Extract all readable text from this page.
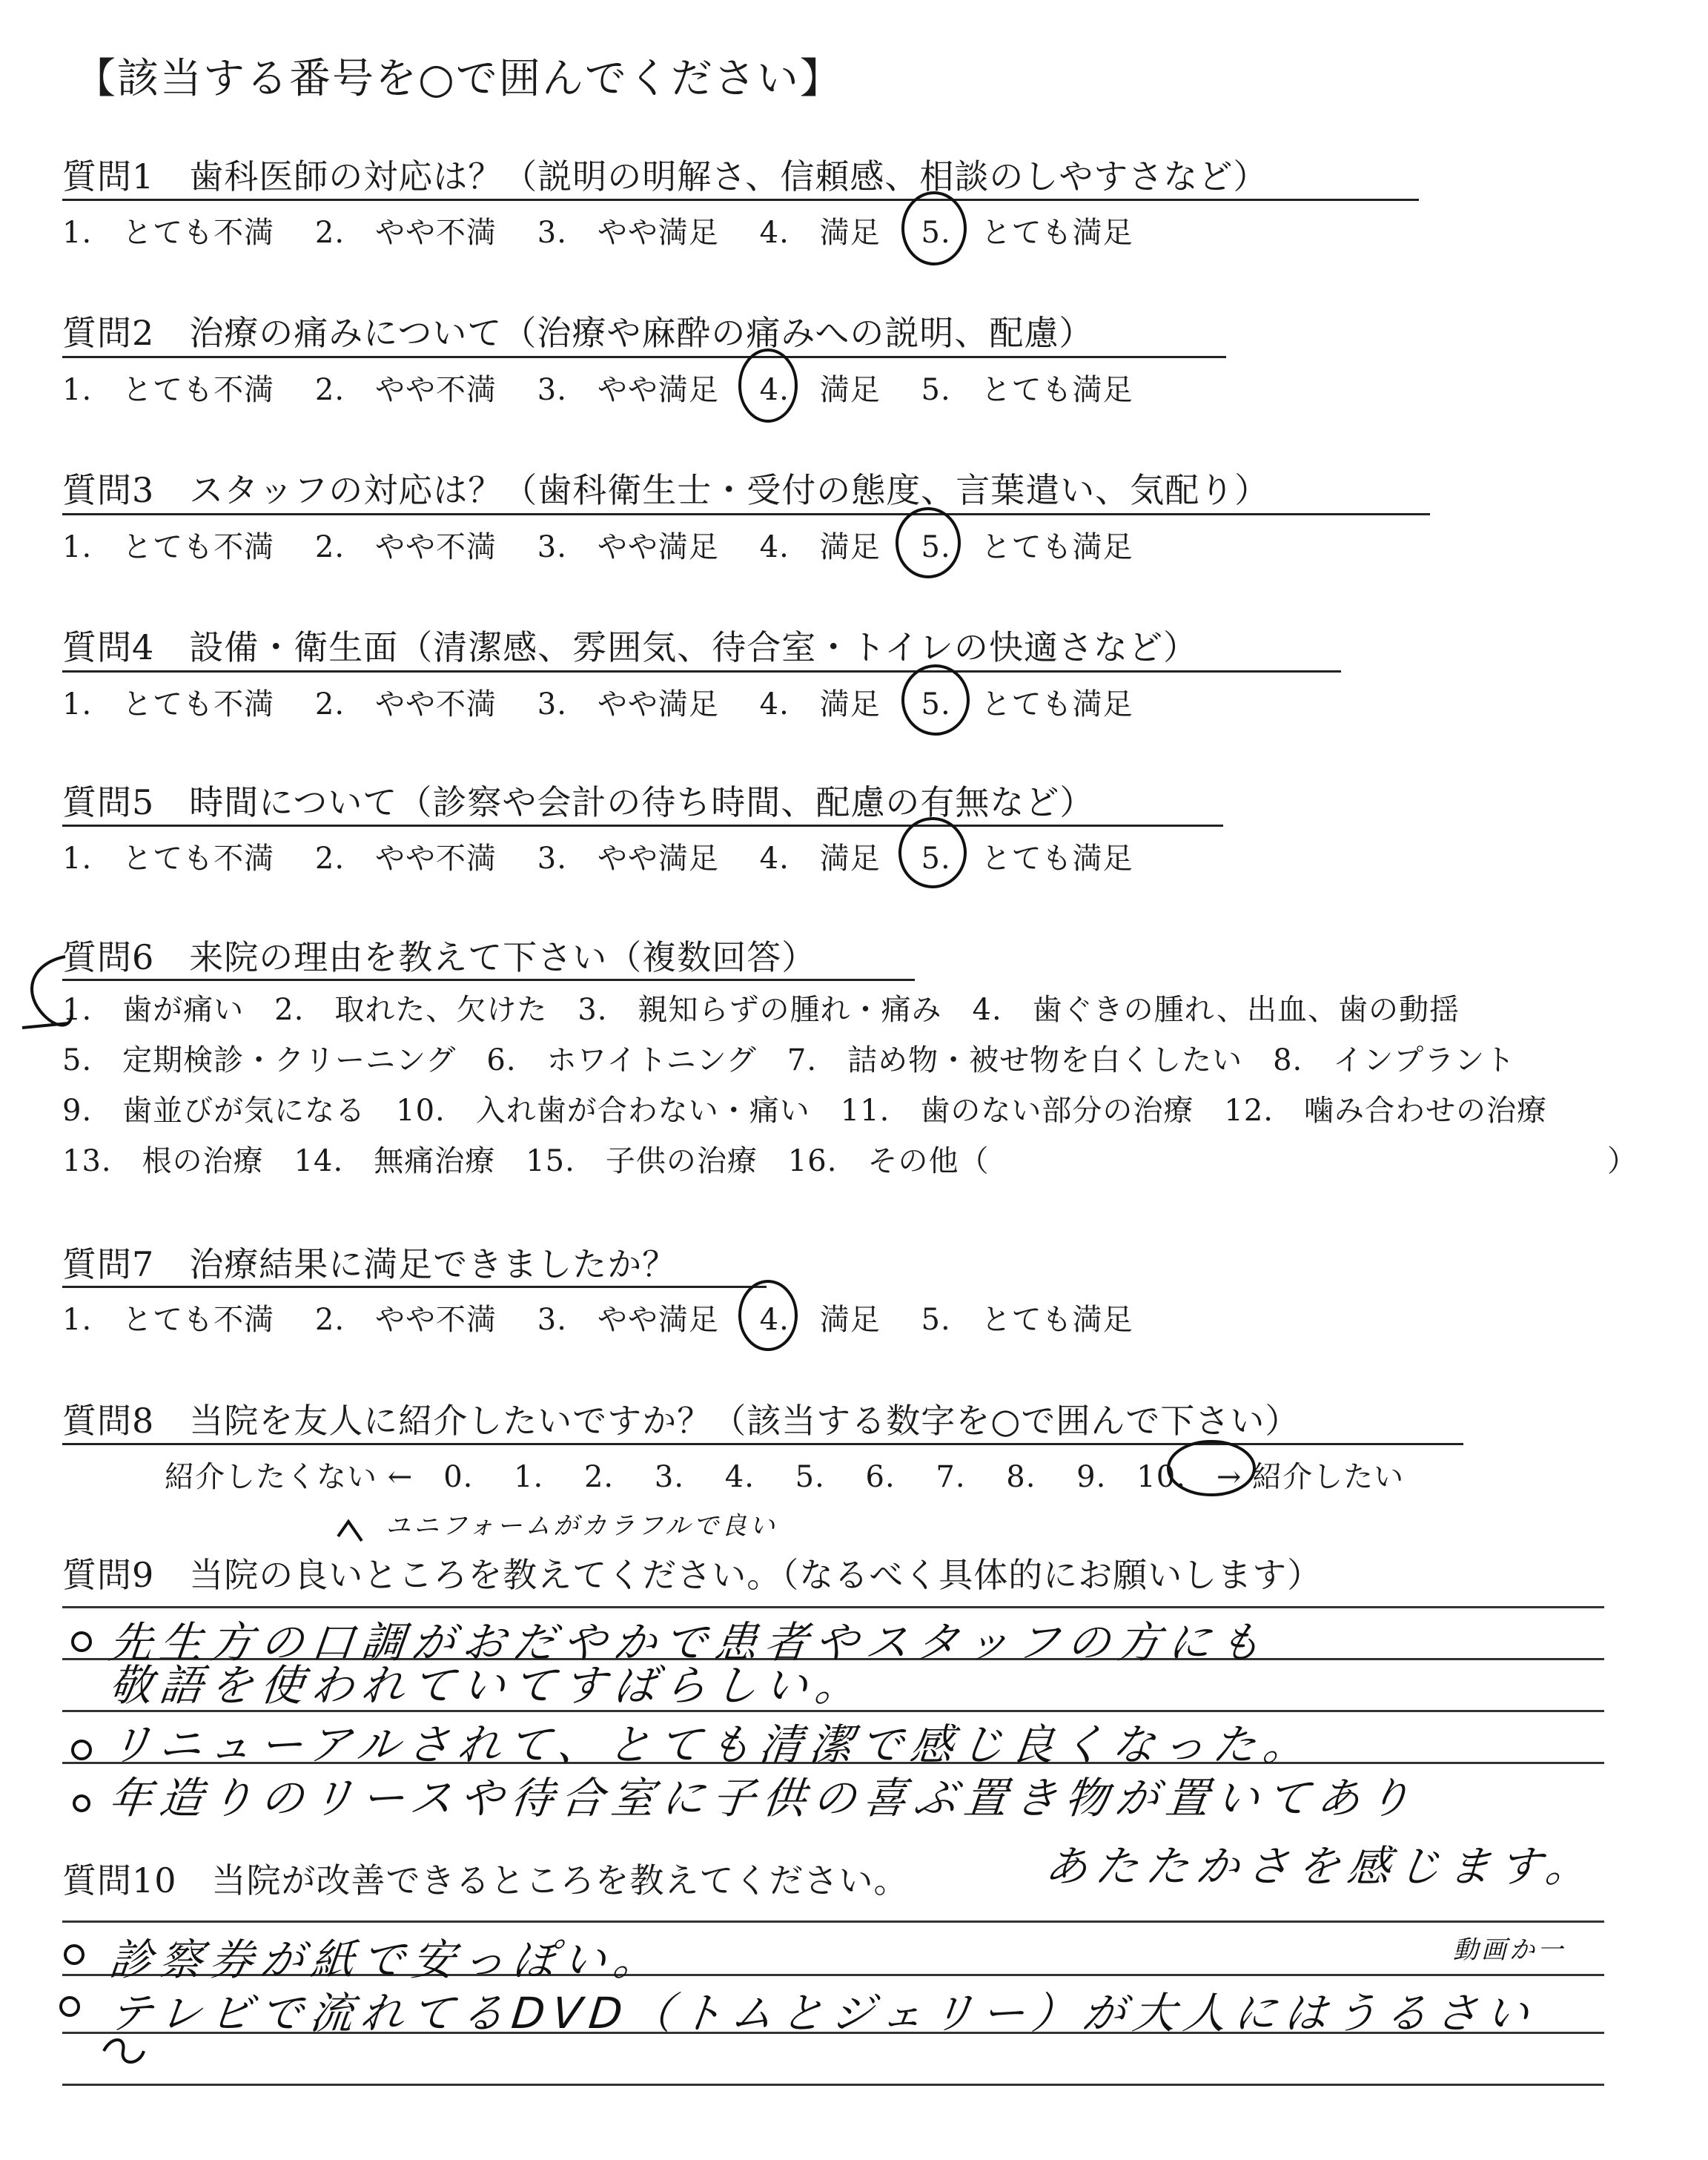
【該当する番号を○で囲んでください】
質問1　歯科医師の対応は？（説明の明解さ、信頼感、相談のしやすさなど）
1.　とても不満　 2.　やや不満　 3.　やや満足　 4.　満足　 5.　とても満足
質問2　治療の痛みについて（治療や麻酔の痛みへの説明、配慮）
1.　とても不満　 2.　やや不満　 3.　やや満足　 4.　満足　 5.　とても満足
質問3　スタッフの対応は？（歯科衛生士・受付の態度、言葉遣い、気配り）
1.　とても不満　 2.　やや不満　 3.　やや満足　 4.　満足　 5.　とても満足
質問4　設備・衛生面（清潔感、雰囲気、待合室・トイレの快適さなど）
1.　とても不満　 2.　やや不満　 3.　やや満足　 4.　満足　 5.　とても満足
質問5　時間について（診察や会計の待ち時間、配慮の有無など）
1.　とても不満　 2.　やや不満　 3.　やや満足　 4.　満足　 5.　とても満足
質問6　来院の理由を教えて下さい（複数回答）
1.　歯が痛い　2.　取れた、欠けた　3.　親知らずの腫れ・痛み　4.　歯ぐきの腫れ、出血、歯の動揺
5.　定期検診・クリーニング　6.　ホワイトニング　7.　詰め物・被せ物を白くしたい　8.　インプラント
9.　歯並びが気になる　10.　入れ歯が合わない・痛い　11.　歯のない部分の治療　12.　噛み合わせの治療
13.　根の治療　14.　無痛治療　15.　子供の治療　16.　その他（	）
質問7　治療結果に満足できましたか？
1.　とても不満　 2.　やや不満　 3.　やや満足　 4.　満足　 5.　とても満足
質問8　当院を友人に紹介したいですか？（該当する数字を○で囲んで下さい）
紹介したくない ←　0.　 1.　 2.　 3.　 4.　 5.　 6.　 7.　 8.　 9.　10.　→ 紹介したい
質問9　当院の良いところを教えてください。（なるべく具体的にお願いします）
ユニフォームがカラフルで良い
先生方の口調がおだやかで患者やスタッフの方にも
敬語を使われていてすばらしい。
リニューアルされて、とても清潔で感じ良くなった。
年造りのリースや待合室に子供の喜ぶ置き物が置いてあり
あたたかさを感じます。
質問10　当院が改善できるところを教えてください。
動画か一
診察券が紙で安っぽい。
テレビで流れてるDVD（トムとジェリー）が大人にはうるさい
